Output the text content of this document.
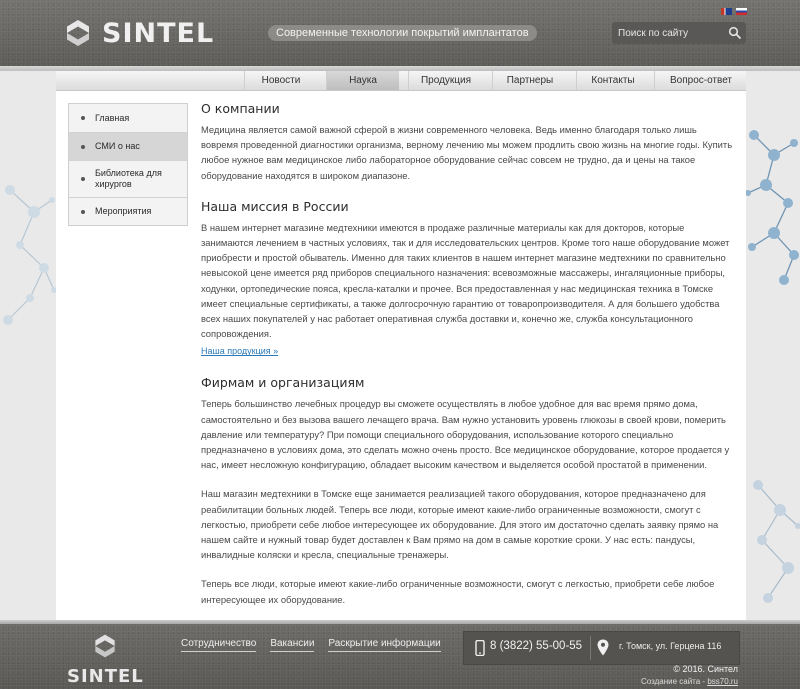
SINTEL	Современные технологии покрытий имплантатов
Поиск по сайту
Новости	Наука	Продукция	Партнеры	Контакты	Вопрос-ответ
Главная
СМИ о нас
Библиотека для хирургов
Мероприятия
О компании

Медицина является самой важной сферой в жизни современного человека. Ведь именно благодаря только лишь вовремя проведенной диагностики организма, верному лечению мы можем продлить свою жизнь на многие годы. Купить любое нужное вам медицинское либо лабораторное оборудование сейчас совсем не трудно, да и цены на такое оборудование находятся в широком диапазоне.

Наша миссия в России

В нашем интернет магазине медтехники имеются в продаже различные материалы как для докторов, которые занимаются лечением в частных условиях, так и для исследовательских центров. Кроме того наше оборудование может приобрести и простой обыватель. Именно для таких клиентов в нашем интернет магазине медтехники по сравнительно невысокой цене имеется ряд приборов специального назначения: всевозможные массажеры, ингаляционные приборы, ходунки, ортопедические пояса, кресла-каталки и прочее. Вся предоставленная у нас медицинская техника в Томске имеет специальные сертификаты, а также долгосрочную гарантию от товаропроизводителя. А для большего удобства всех наших покупателей у нас работает оперативная служба доставки и, конечно же, служба консультационного сопровождения.

Наша продукция »
Фирмам и организациям

Теперь большинство лечебных процедур вы сможете осуществлять в любое удобное для вас время прямо дома, самостоятельно и без вызова вашего лечащего врача. Вам нужно установить уровень глюкозы в своей крови, померить давление или температуру? При помощи специального оборудования, использование которого специально предназначено в условиях дома, это сделать можно очень просто. Все медицинское оборудование, которое продается у нас, имеет несложную конфигурацию, обладает высоким качеством и выделяется особой простатой в применении.

Наш магазин медтехники в Томске еще занимается реализацией такого оборудования, которое предназначено для реабилитации больных людей. Теперь все люди, которые имеют какие-либо ограниченные возможности, смогут с легкостью, приобрети себе любое интересующее их оборудование. Для этого им достаточно сделать заявку прямо на нашем сайте и нужный товар будет доставлен к Вам прямо на дом в самые короткие сроки. У нас есть: пандусы, инвалидные коляски и кресла, специальные тренажеры.

Теперь все люди, которые имеют какие-либо ограниченные возможности, смогут с легкостью, приобрети себе любое интересующее их оборудование.

SINTEL
Сотрудничество Вакансии Раскрытие информации	8 (3822) 55-00-55	г. Томск, ул. Герцена 116
© 2016. Синтел
Создание сайта - bss70.ru
